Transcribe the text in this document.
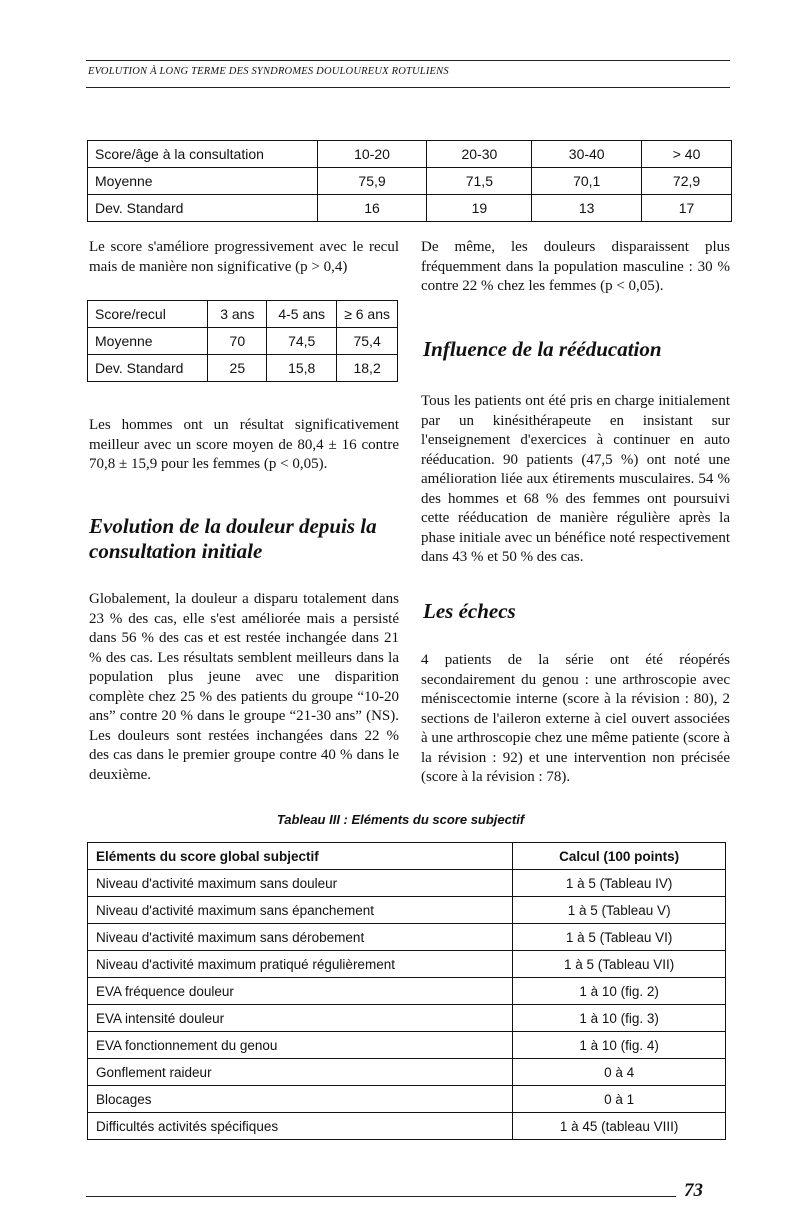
EVOLUTION À LONG TERME DES SYNDROMES DOULOUREUX ROTULIENS
Score/âge à la consultation	10-20	20-30	30-40	> 40
Moyenne	75,9	71,5	70,1	72,9
Dev. Standard	16	19	13	17
Le score s'améliore progressivement avec le recul mais de manière non significative (p > 0,4)
Score/recul	3 ans	4-5 ans	≥ 6 ans
Moyenne	70	74,5	75,4
Dev. Standard	25	15,8	18,2
Les hommes ont un résultat significativement meilleur avec un score moyen de 80,4 ± 16 contre 70,8 ± 15,9 pour les femmes (p < 0,05).
Evolution de la douleur depuis la consultation initiale
Globalement, la douleur a disparu totalement dans 23 % des cas, elle s'est améliorée mais a persisté dans 56 % des cas et est restée inchangée dans 21 % des cas. Les résultats semblent meilleurs dans la population plus jeune avec une disparition complète chez 25 % des patients du groupe “10-20 ans” contre 20 % dans le groupe “21-30 ans” (NS). Les douleurs sont restées inchangées dans 22 % des cas dans le premier groupe contre 40 % dans le deuxième.
De même, les douleurs disparaissent plus fréquemment dans la population masculine : 30 % contre 22 % chez les femmes (p < 0,05).
Influence de la rééducation
Tous les patients ont été pris en charge initialement par un kinésithérapeute en insistant sur l'enseignement d'exercices à continuer en auto rééducation. 90 patients (47,5 %) ont noté une amélioration liée aux étirements musculaires. 54 % des hommes et 68 % des femmes ont poursuivi cette rééducation de manière régulière après la phase initiale avec un bénéfice noté respectivement dans 43 % et 50 % des cas.
Les échecs
4 patients de la série ont été réopérés secondairement du genou : une arthroscopie avec méniscectomie interne (score à la révision : 80), 2 sections de l'aileron externe à ciel ouvert associées à une arthroscopie chez une même patiente (score à la révision : 92) et une intervention non précisée (score à la révision : 78).
Tableau III : Eléments du score subjectif
Eléments du score global subjectif	Calcul (100 points)
Niveau d'activité maximum sans douleur	1 à 5 (Tableau IV)
Niveau d'activité maximum sans épanchement	1 à 5 (Tableau V)
Niveau d'activité maximum sans dérobement	1 à 5 (Tableau VI)
Niveau d'activité maximum pratiqué régulièrement	1 à 5 (Tableau VII)
EVA fréquence douleur	1 à 10 (fig. 2)
EVA intensité douleur	1 à 10 (fig. 3)
EVA fonctionnement du genou	1 à 10 (fig. 4)
Gonflement raideur	0 à 4
Blocages	0 à 1
Difficultés activités spécifiques	1 à 45 (tableau VIII)
73
